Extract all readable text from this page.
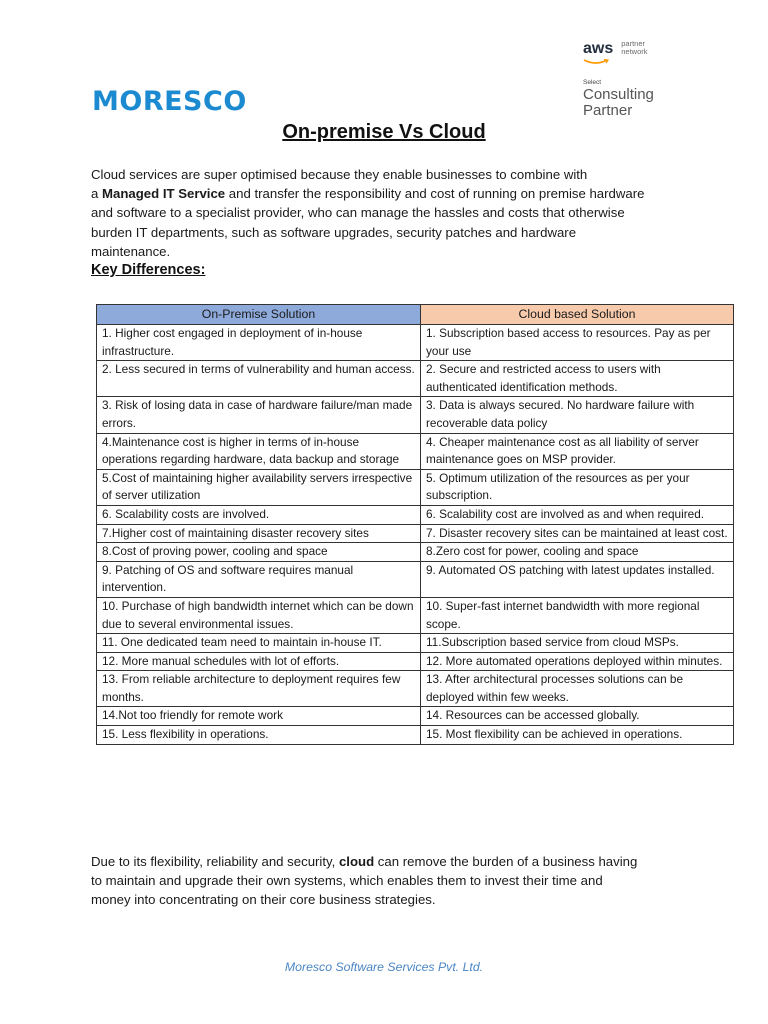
MORESCO
aws partner
network
Select
Consulting
Partner
On-premise Vs Cloud

Cloud services are super optimised because they enable businesses to combine with
a Managed IT Service and transfer the responsibility and cost of running on premise hardware
and software to a specialist provider, who can manage the hassles and costs that otherwise
burden IT departments, such as software upgrades, security patches and hardware
maintenance.

Key Differences:
On-Premise Solution	Cloud based Solution
1. Higher cost engaged in deployment of in-house infrastructure.	1. Subscription based access to resources. Pay as per your use
2. Less secured in terms of vulnerability and human access.	2. Secure and restricted access to users with authenticated identification methods.
3. Risk of losing data in case of hardware failure/man made errors.	3. Data is always secured. No hardware failure with recoverable data policy
4.Maintenance cost is higher in terms of in-house operations regarding hardware, data backup and storage	4. Cheaper maintenance cost as all liability of server maintenance goes on MSP provider.
5.Cost of maintaining higher availability servers irrespective of server utilization	5. Optimum utilization of the resources as per your subscription.
6. Scalability costs are involved.	6. Scalability cost are involved as and when required.
7.Higher cost of maintaining disaster recovery sites	7. Disaster recovery sites can be maintained at least cost.
8.Cost of proving power, cooling and space	8.Zero cost for power, cooling and space
9. Patching of OS and software requires manual intervention.	9. Automated OS patching with latest updates installed.
10. Purchase of high bandwidth internet which can be down due to several environmental issues.	10. Super-fast internet bandwidth with more regional scope.
11. One dedicated team need to maintain in-house IT.	11.Subscription based service from cloud MSPs.
12. More manual schedules with lot of efforts.	12. More automated operations deployed within minutes.
13. From reliable architecture to deployment requires few months.	13. After architectural processes solutions can be deployed within few weeks.
14.Not too friendly for remote work	14. Resources can be accessed globally.
15. Less flexibility in operations.	15. Most flexibility can be achieved in operations.

Due to its flexibility, reliability and security, cloud can remove the burden of a business having
to maintain and upgrade their own systems, which enables them to invest their time and
money into concentrating on their core business strategies.

Moresco Software Services Pvt. Ltd.
